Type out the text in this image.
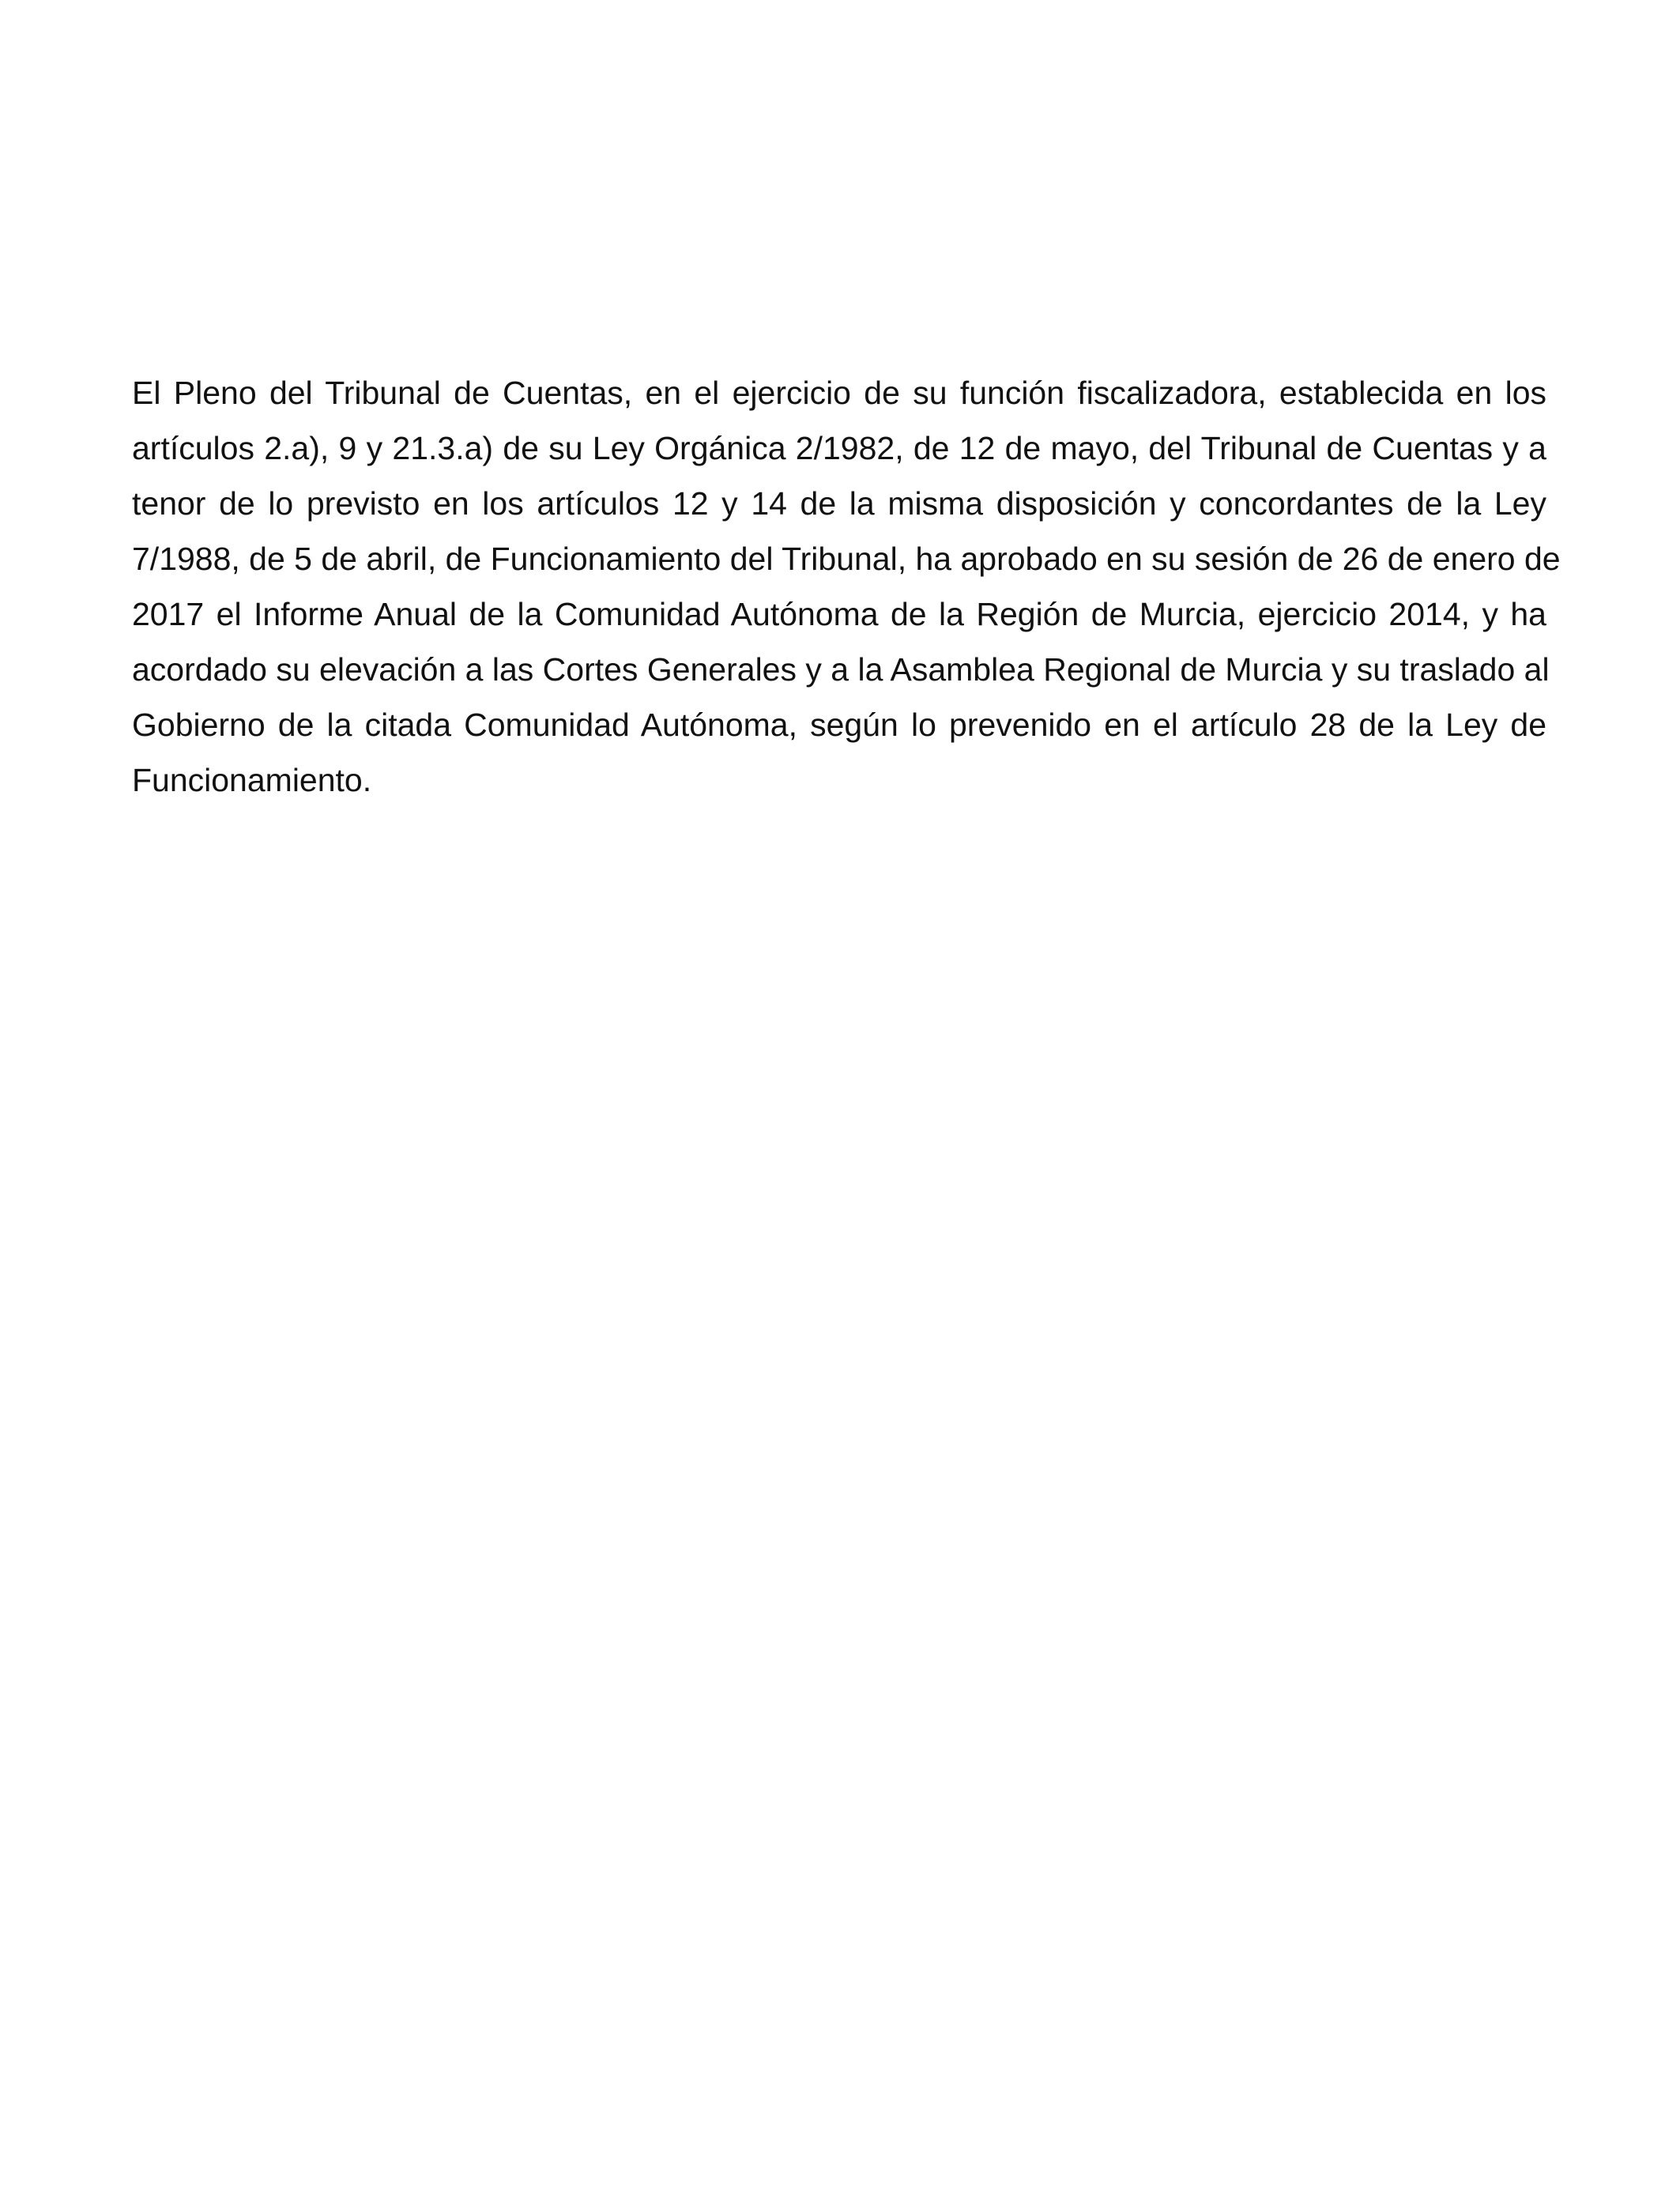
El Pleno del Tribunal de Cuentas, en el ejercicio de su función fiscalizadora, establecida en los
artículos 2.a), 9 y 21.3.a) de su Ley Orgánica 2/1982, de 12 de mayo, del Tribunal de Cuentas y a
tenor de lo previsto en los artículos 12 y 14 de la misma disposición y concordantes de la Ley
7/1988, de 5 de abril, de Funcionamiento del Tribunal, ha aprobado en su sesión de 26 de enero de
2017 el Informe Anual de la Comunidad Autónoma de la Región de Murcia, ejercicio 2014, y ha
acordado su elevación a las Cortes Generales y a la Asamblea Regional de Murcia y su traslado al
Gobierno de la citada Comunidad Autónoma, según lo prevenido en el artículo 28 de la Ley de
Funcionamiento.
